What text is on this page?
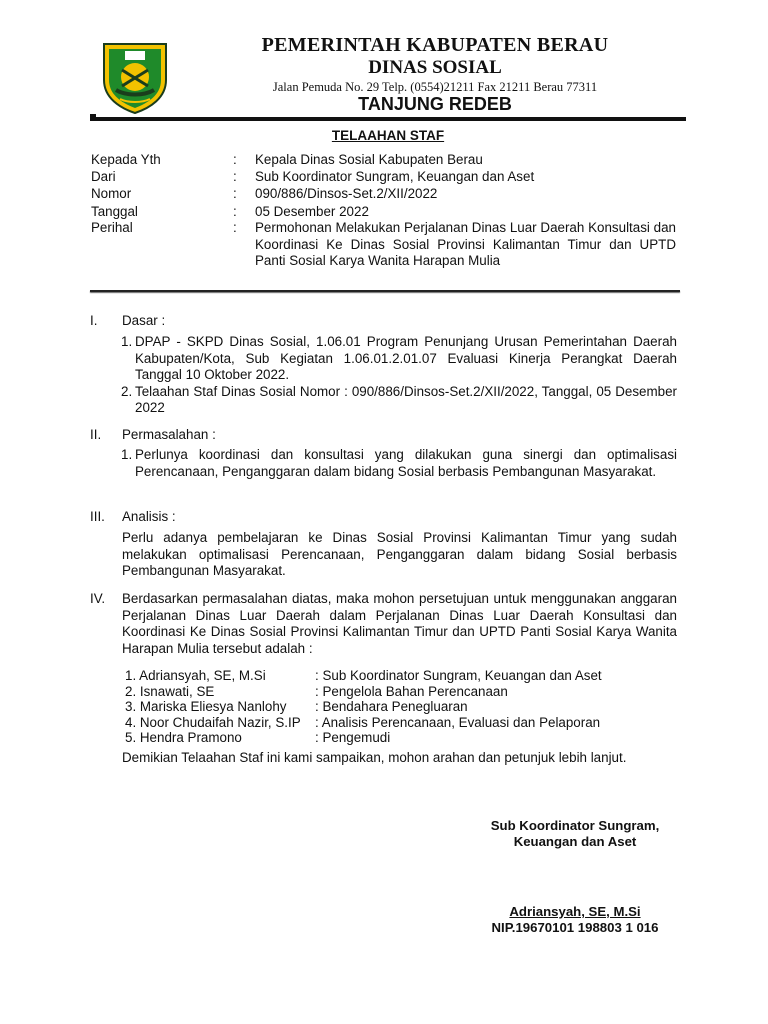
PEMERINTAH KABUPATEN BERAU
DINAS SOSIAL
Jalan Pemuda No. 29 Telp. (0554)21211 Fax 21211 Berau 77311
TANJUNG REDEB
TELAAHAN STAF
Kepada Yth	: Kepala Dinas Sosial Kabupaten Berau
Dari	: Sub Koordinator Sungram, Keuangan dan Aset
Nomor	: 090/886/Dinsos-Set.2/XII/2022
Tanggal	: 05 Desember 2022
Perihal	: Permohonan Melakukan Perjalanan Dinas Luar Daerah Konsultasi dan Koordinasi Ke Dinas Sosial Provinsi Kalimantan Timur dan UPTD Panti Sosial Karya Wanita Harapan Mulia
I. Dasar :
1. DPAP - SKPD Dinas Sosial, 1.06.01 Program Penunjang Urusan Pemerintahan Daerah Kabupaten/Kota, Sub Kegiatan 1.06.01.2.01.07 Evaluasi Kinerja Perangkat Daerah Tanggal 10 Oktober 2022.
2. Telaahan Staf Dinas Sosial Nomor : 090/886/Dinsos-Set.2/XII/2022, Tanggal, 05 Desember 2022
II. Permasalahan :
1. Perlunya koordinasi dan konsultasi yang dilakukan guna sinergi dan optimalisasi Perencanaan, Penganggaran dalam bidang Sosial berbasis Pembangunan Masyarakat.
III. Analisis :
Perlu adanya pembelajaran ke Dinas Sosial Provinsi Kalimantan Timur yang sudah melakukan optimalisasi Perencanaan, Penganggaran dalam bidang Sosial berbasis Pembangunan Masyarakat.
IV. Berdasarkan permasalahan diatas, maka mohon persetujuan untuk menggunakan anggaran Perjalanan Dinas Luar Daerah dalam Perjalanan Dinas Luar Daerah Konsultasi dan Koordinasi Ke Dinas Sosial Provinsi Kalimantan Timur dan UPTD Panti Sosial Karya Wanita Harapan Mulia tersebut adalah :
1. Adriansyah, SE, M.Si	: Sub Koordinator Sungram, Keuangan dan Aset
2. Isnawati, SE	: Pengelola Bahan Perencanaan
3. Mariska Eliesya Nanlohy	: Bendahara Penegluaran
4. Noor Chudaifah Nazir, S.IP	: Analisis Perencanaan, Evaluasi dan Pelaporan
5. Hendra Pramono	: Pengemudi
Demikian Telaahan Staf ini kami sampaikan, mohon arahan dan petunjuk lebih lanjut.
Sub Koordinator Sungram,
Keuangan dan Aset
Adriansyah, SE, M.Si
NIP.19670101 198803 1 016
